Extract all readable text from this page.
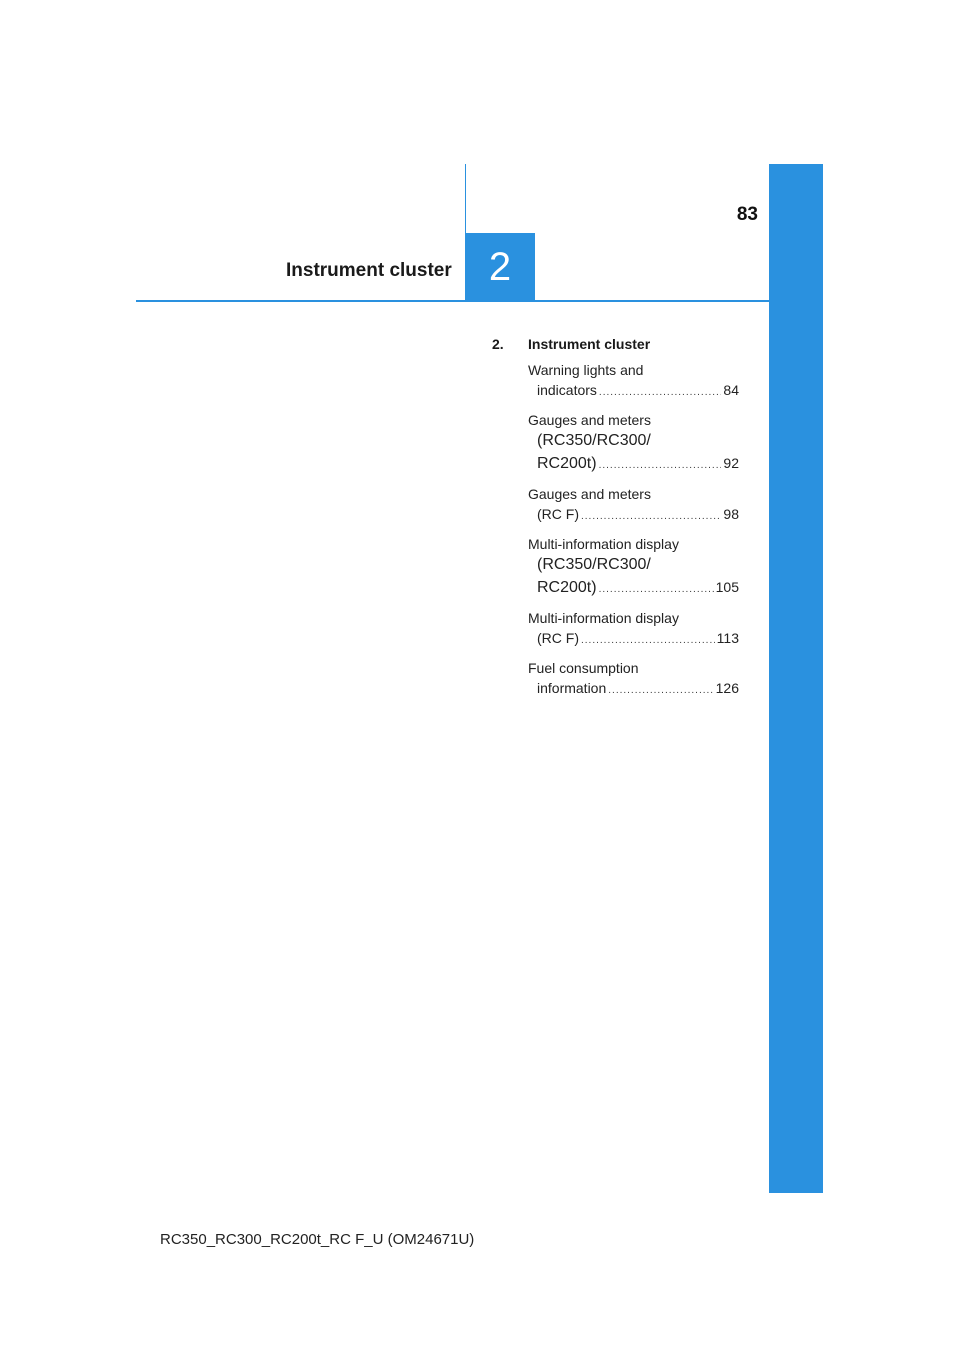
83
Instrument cluster 2
2. Instrument cluster
Warning lights and
indicators .....	84
Gauges and meters
(RC350/RC300/
RC200t) .....	92
Gauges and meters
(RC F) .....	98
Multi-information display
(RC350/RC300/
RC200t) .....	105
Multi-information display
(RC F) .....	113
Fuel consumption
information .....	126
RC350_RC300_RC200t_RC F_U (OM24671U)
